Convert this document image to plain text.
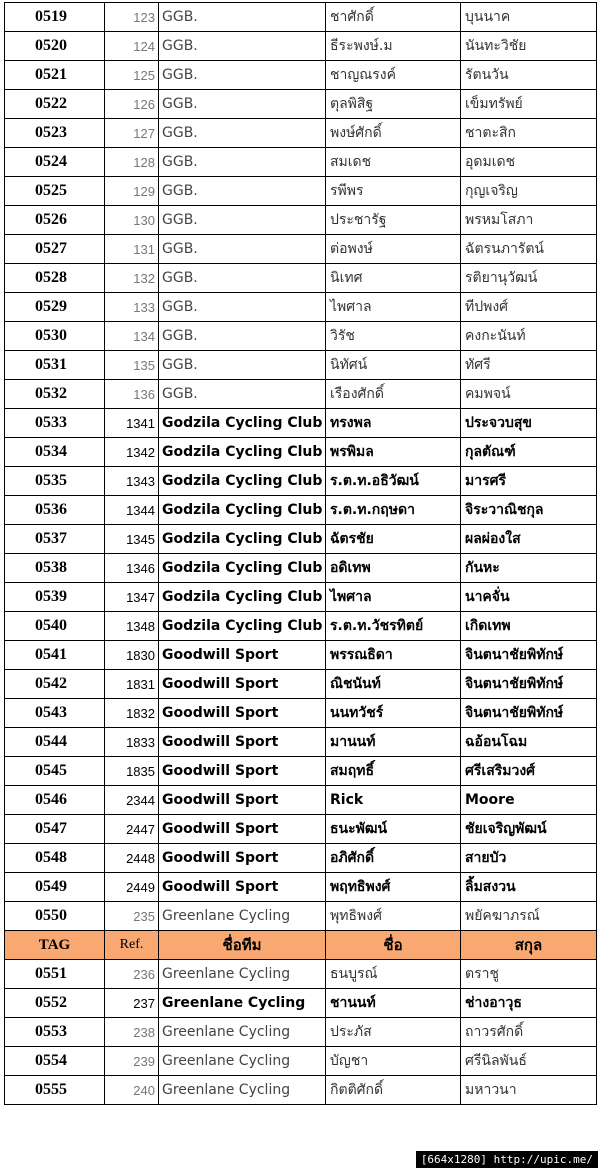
0519	123	GGB.	ชาศักดิ์	บุนนาค
0520	124	GGB.	ธีระพงษ์.ม	นันทะวิชัย
0521	125	GGB.	ชาญณรงค์	รัตนวัน
0522	126	GGB.	ตุลพิสิฐ	เข็มทรัพย์
0523	127	GGB.	พงษ์ศักดิ์	ชาตะสิก
0524	128	GGB.	สมเดช	อุดมเดช
0525	129	GGB.	รพีพร	กุญเจริญ
0526	130	GGB.	ประชารัฐ	พรหมโสภา
0527	131	GGB.	ต่อพงษ์	ฉัตรนภารัตน์
0528	132	GGB.	นิเทศ	รติยานุวัฒน์
0529	133	GGB.	ไพศาล	ทีปพงศ์
0530	134	GGB.	วิรัช	คงกะนันท์
0531	135	GGB.	นิทัศน์	ทัศรี
0532	136	GGB.	เรืองศักดิ์	คมพจน์
0533	1341	Godzila Cycling Club	ทรงพล	ประจวบสุข
0534	1342	Godzila Cycling Club	พรพิมล	กุลตัณฑ์
0535	1343	Godzila Cycling Club	ร.ต.ท.อธิวัฒน์	มารศรี
0536	1344	Godzila Cycling Club	ร.ต.ท.กฤษดา	จิระวาณิชกุล
0537	1345	Godzila Cycling Club	ฉัตรชัย	ผลผ่องใส
0538	1346	Godzila Cycling Club	อดิเทพ	กันหะ
0539	1347	Godzila Cycling Club	ไพศาล	นาคจั่น
0540	1348	Godzila Cycling Club	ร.ต.ท.วัชรทิตย์	เกิดเทพ
0541	1830	Goodwill Sport	พรรณธิดา	จินตนาชัยพิทักษ์
0542	1831	Goodwill Sport	ณิชนันท์	จินตนาชัยพิทักษ์
0543	1832	Goodwill Sport	นนทวัชร์	จินตนาชัยพิทักษ์
0544	1833	Goodwill Sport	มานนท์	ฉอ้อนโฉม
0545	1835	Goodwill Sport	สมฤทธิ์	ศรีเสริมวงศ์
0546	2344	Goodwill Sport	Rick	Moore
0547	2447	Goodwill Sport	ธนะพัฒน์	ชัยเจริญพัฒน์
0548	2448	Goodwill Sport	อภิศักดิ์	สายบัว
0549	2449	Goodwill Sport	พฤทธิพงศ์	ลิ้มสงวน
0550	235	Greenlane Cycling	พุทธิพงศ์	พยัคฆาภรณ์
TAG	Ref.	ชื่อทีม	ชื่อ	สกุล
0551	236	Greenlane Cycling	ธนบูรณ์	ตราชู
0552	237	Greenlane Cycling	ชานนท์	ช่างอาวุธ
0553	238	Greenlane Cycling	ประภัส	ถาวรศักดิ์
0554	239	Greenlane Cycling	บัญชา	ศรีนิลพันธ์
0555	240	Greenlane Cycling	กิตติศักดิ์	มหาวนา
[664x1280] http://upic.me/
